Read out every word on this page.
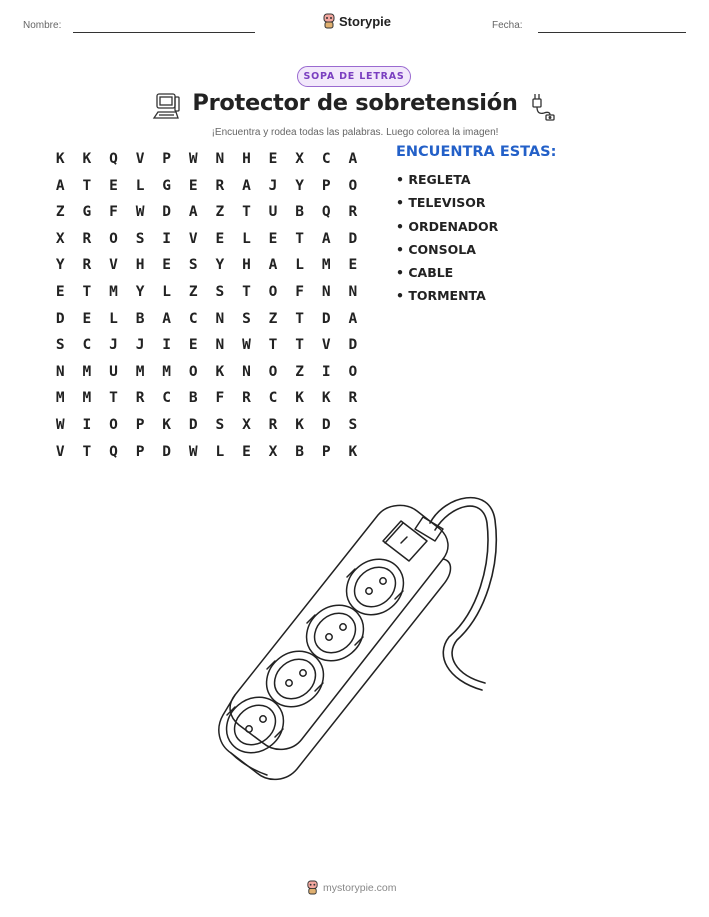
Nombre:	Storypie	Fecha:
SOPA DE LETRAS
Protector de sobretensión
¡Encuentra y rodea todas las palabras. Luego colorea la imagen!
K	K	Q	V	P	W	N	H	E	X	C	A
A	T	E	L	G	E	R	A	J	Y	P	O
Z	G	F	W	D	A	Z	T	U	B	Q	R
X	R	O	S	I	V	E	L	E	T	A	D
Y	R	V	H	E	S	Y	H	A	L	M	E
E	T	M	Y	L	Z	S	T	O	F	N	N
D	E	L	B	A	C	N	S	Z	T	D	A
S	C	J	J	I	E	N	W	T	T	V	D
N	M	U	M	M	O	K	N	O	Z	I	O
M	M	T	R	C	B	F	R	C	K	K	R
W	I	O	P	K	D	S	X	R	K	D	S
V	T	Q	P	D	W	L	E	X	B	P	K
ENCUENTRA ESTAS:
• REGLETA
• TELEVISOR
• ORDENADOR
• CONSOLA
• CABLE
• TORMENTA
mystorypie.com
